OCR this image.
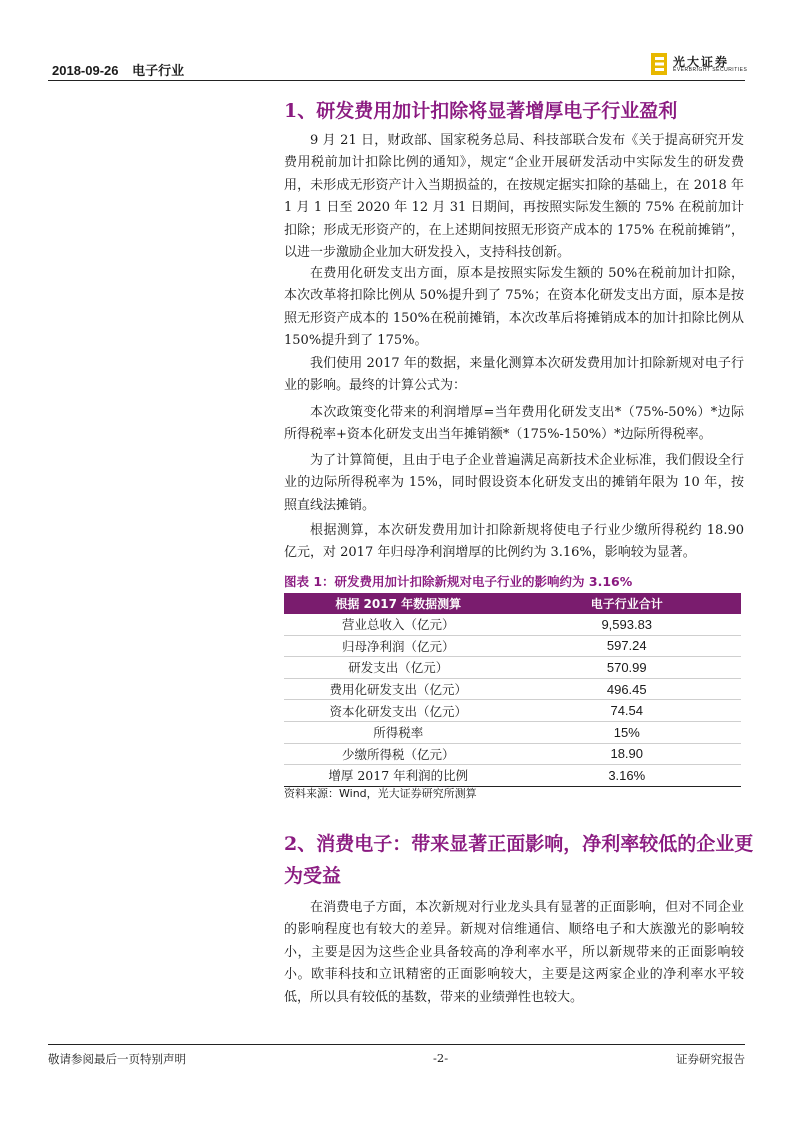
2018-09-26 电子行业
光大证券
EVERBRIGHT SECURITIES
1、研发费用加计扣除将显著增厚电子行业盈利

9 月 21 日，财政部、国家税务总局、科技部联合发布《关于提高研究开发费用税前加计扣除比例的通知》，规定“企业开展研发活动中实际发生的研发费用，未形成无形资产计入当期损益的，在按规定据实扣除的基础上，在 2018 年 1 月 1 日至 2020 年 12 月 31 日期间，再按照实际发生额的 75% 在税前加计扣除；形成无形资产的，在上述期间按照无形资产成本的 175% 在税前摊销”，以进一步激励企业加大研发投入，支持科技创新。

在费用化研发支出方面，原本是按照实际发生额的 50%在税前加计扣除，本次改革将扣除比例从 50%提升到了 75%；在资本化研发支出方面，原本是按照无形资产成本的 150%在税前摊销，本次改革后将摊销成本的加计扣除比例从 150%提升到了 175%。

我们使用 2017 年的数据，来量化测算本次研发费用加计扣除新规对电子行业的影响。最终的计算公式为：

本次政策变化带来的利润增厚=当年费用化研发支出*（75%-50%）*边际所得税率+资本化研发支出当年摊销额*（175%-150%）*边际所得税率。

为了计算简便，且由于电子企业普遍满足高新技术企业标准，我们假设全行业的边际所得税率为 15%，同时假设资本化研发支出的摊销年限为 10 年，按照直线法摊销。

根据测算，本次研发费用加计扣除新规将使电子行业少缴所得税约 18.90 亿元，对 2017 年归母净利润增厚的比例约为 3.16%，影响较为显著。

图表 1：研发费用加计扣除新规对电子行业的影响约为 3.16%
根据 2017 年数据测算	电子行业合计
营业总收入（亿元）	9,593.83
归母净利润（亿元）	597.24
研发支出（亿元）	570.99
费用化研发支出（亿元）	496.45
资本化研发支出（亿元）	74.54
所得税率	15%
少缴所得税（亿元）	18.90
增厚 2017 年利润的比例	3.16%
资料来源：Wind，光大证券研究所测算
2、消费电子：带来显著正面影响，净利率较低的企业更为受益

在消费电子方面，本次新规对行业龙头具有显著的正面影响，但对不同企业的影响程度也有较大的差异。新规对信维通信、顺络电子和大族激光的影响较小，主要是因为这些企业具备较高的净利率水平，所以新规带来的正面影响较小。欧菲科技和立讯精密的正面影响较大，主要是这两家企业的净利率水平较低，所以具有较低的基数，带来的业绩弹性也较大。

敬请参阅最后一页特别声明	-2-	证券研究报告
